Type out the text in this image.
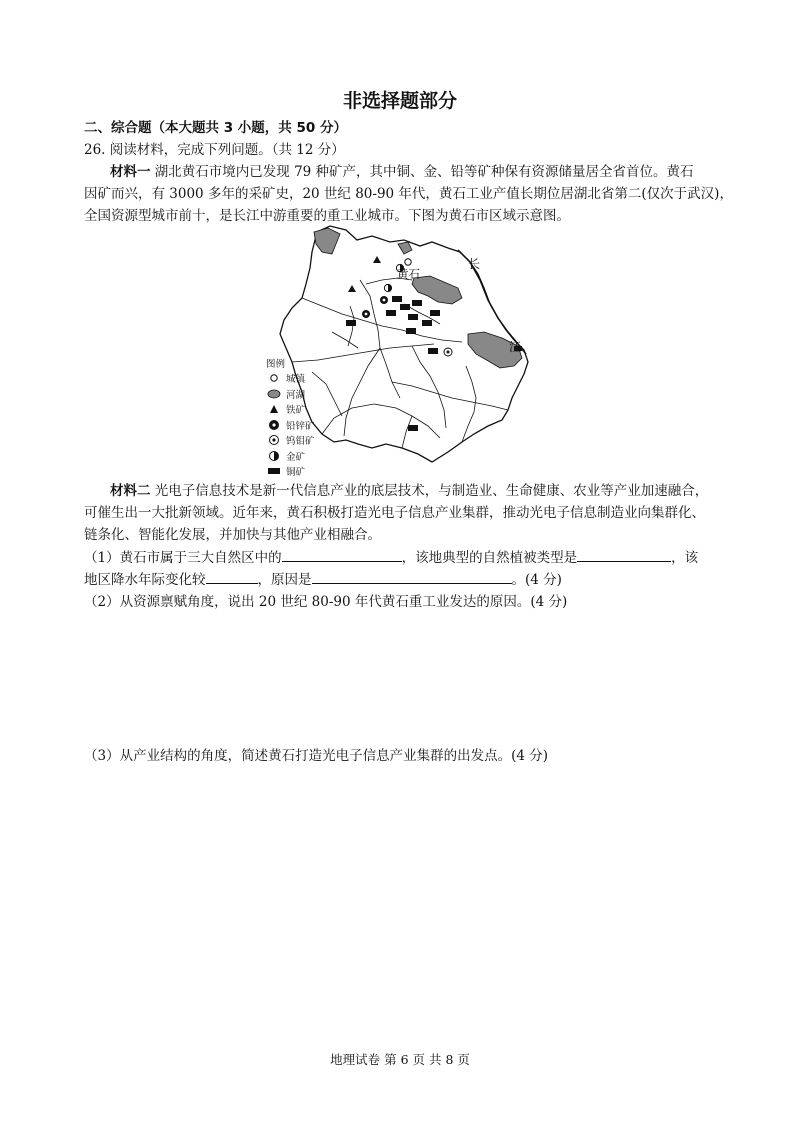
非选择题部分
二、综合题（本大题共 3 小题，共 50 分）
26. 阅读材料，完成下列问题。（共 12 分）
材料一 湖北黄石市境内已发现 79 种矿产，其中铜、金、铅等矿种保有资源储量居全省首位。黄石
因矿而兴，有 3000 多年的采矿史，20 世纪 80-90 年代，黄石工业产值长期位居湖北省第二(仅次于武汉)，
全国资源型城市前十，是长江中游重要的重工业城市。下图为黄石市区域示意图。
黄石
长
江
图例
城镇
河湖
铁矿
铅锌矿
钨钼矿
金矿
铜矿
材料二 光电子信息技术是新一代信息产业的底层技术，与制造业、生命健康、农业等产业加速融合，
可催生出一大批新领域。近年来，黄石积极打造光电子信息产业集群，推动光电子信息制造业向集群化、
链条化、智能化发展，并加快与其他产业相融合。
（1）黄石市属于三大自然区中的	，该地典型的自然植被类型是	，该
地区降水年际变化较	，原因是	。(4 分)
（2）从资源禀赋角度，说出 20 世纪 80-90 年代黄石重工业发达的原因。(4 分)
（3）从产业结构的角度，简述黄石打造光电子信息产业集群的出发点。(4 分)
地理试卷 第 6 页 共 8 页
